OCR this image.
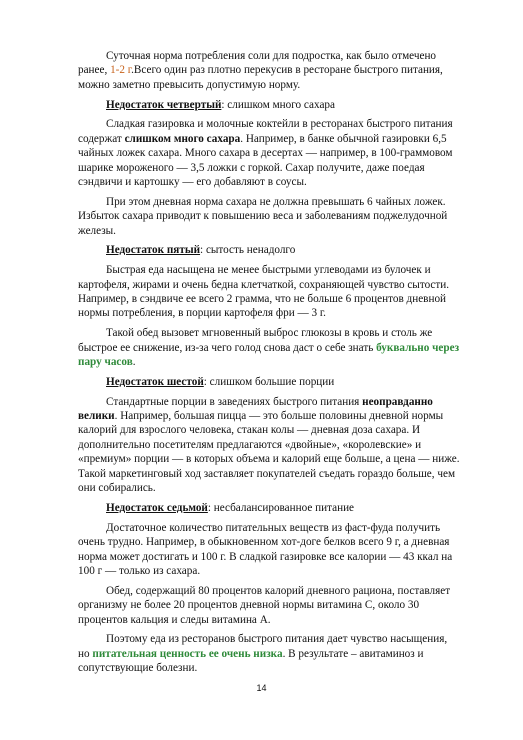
Суточная норма потребления соли для подростка, как было отмечено ранее, 1-2 г.Всего один раз плотно перекусив в ресторане быстрого питания, можно заметно превысить допустимую норму.

Недостаток четвертый: слишком много сахара

Сладкая газировка и молочные коктейли в ресторанах быстрого питания содержат слишком много сахара. Например, в банке обычной газировки 6,5 чайных ложек сахара. Много сахара в десертах — например, в 100-граммовом шарике мороженого — 3,5 ложки с горкой. Сахар получите, даже поедая сэндвичи и картошку — его добавляют в соусы.

При этом дневная норма сахара не должна превышать 6 чайных ложек. Избыток сахара приводит к повышению веса и заболеваниям поджелудочной железы.

Недостаток пятый: сытость ненадолго

Быстрая еда насыщена не менее быстрыми углеводами из булочек и картофеля, жирами и очень бедна клетчаткой, сохраняющей чувство сытости. Например, в сэндвиче ее всего 2 грамма, что не больше 6 процентов дневной нормы потребления, в порции картофеля фри — 3 г.

Такой обед вызовет мгновенный выброс глюкозы в кровь и столь же быстрое ее снижение, из-за чего голод снова даст о себе знать буквально через пару часов.

Недостаток шестой: слишком большие порции

Стандартные порции в заведениях быстрого питания неоправданно велики. Например, большая пицца — это больше половины дневной нормы калорий для взрослого человека, стакан колы — дневная доза сахара. И дополнительно посетителям предлагаются «двойные», «королевские» и «премиум» порции — в которых объема и калорий еще больше, а цена — ниже. Такой маркетинговый ход заставляет покупателей съедать гораздо больше, чем они собирались.

Недостаток седьмой: несбалансированное питание

Достаточное количество питательных веществ из фаст-фуда получить очень трудно. Например, в обыкновенном хот-доге белков всего 9 г, а дневная норма может достигать и 100 г. В сладкой газировке все калории — 43 ккал на 100 г — только из сахара.

Обед, содержащий 80 процентов калорий дневного рациона, поставляет организму не более 20 процентов дневной нормы витамина С, около 30 процентов кальция и следы витамина А.

Поэтому еда из ресторанов быстрого питания дает чувство насыщения, но питательная ценность ее очень низка. В результате – авитаминоз и сопутствующие болезни.

14
